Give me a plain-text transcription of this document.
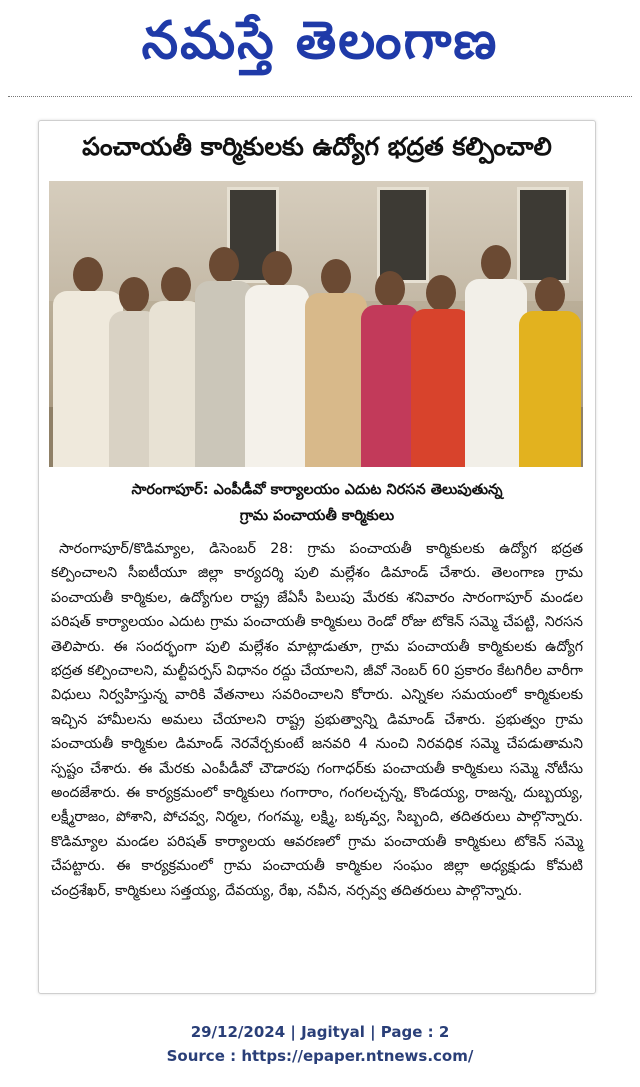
నమస్తే తెలంగాణ
పంచాయతీ కార్మికులకు ఉద్యోగ భద్రత కల్పించాలి
సారంగాపూర్: ఎంపీడీవో కార్యాలయం ఎదుట నిరసన తెలుపుతున్న
గ్రామ పంచాయతీ కార్మికులు

సారంగాపూర్/కొడిమ్యాల, డిసెంబర్ 28: గ్రామ పంచాయతీ కార్మికులకు ఉద్యోగ భద్రత కల్పించాలని సీఐటీయూ జిల్లా కార్యదర్శి పులి మల్లేశం డిమాండ్ చేశారు. తెలంగాణ గ్రామ పంచాయతీ కార్మికుల, ఉద్యోగుల రాష్ట్ర జేఏసీ పిలుపు మేరకు శనివారం సారంగాపూర్ మండల పరిషత్ కార్యాలయం ఎదుట గ్రామ పంచాయతీ కార్మికులు రెండో రోజు టోకెన్ సమ్మె చేపట్టి, నిరసన తెలిపారు. ఈ సందర్భంగా పులి మల్లేశం మాట్లాడుతూ, గ్రామ పంచాయతీ కార్మికులకు ఉద్యోగ భద్రత కల్పించాలని, మల్టీపర్పస్ విధానం రద్దు చేయాలని, జీవో నెంబర్ 60 ప్రకారం కేటగిరీల వారీగా విధులు నిర్వహిస్తున్న వారికి వేతనాలు సవరించాలని కోరారు. ఎన్నికల సమయంలో కార్మికులకు ఇచ్చిన హామీలను అమలు చేయాలని రాష్ట్ర ప్రభుత్వాన్ని డిమాండ్ చేశారు. ప్రభుత్వం గ్రామ పంచాయతీ కార్మికుల డిమాండ్ నెరవేర్చకుంటే జనవరి 4 నుంచి నిరవధిక సమ్మె చేపడుతామని స్పష్టం చేశారు. ఈ మేరకు ఎంపీడీవో చౌడారపు గంగాధర్‌కు పంచాయతీ కార్మికులు సమ్మె నోటీసు అందజేశారు. ఈ కార్యక్రమంలో కార్మికులు గంగారాం, గంగలచ్చన్న, కొండయ్య, రాజన్న, దుబ్బయ్య, లక్ష్మీరాజం, పోశాని, పోచవ్వ, నిర్మల, గంగమ్మ, లక్ష్మి, బక్కవ్వ, సిబ్బంది, తదితరులు పాల్గొన్నారు. కొడిమ్యాల మండల పరిషత్ కార్యాలయ ఆవరణలో గ్రామ పంచాయతీ కార్మికులు టోకెన్ సమ్మె చేపట్టారు. ఈ కార్యక్రమంలో గ్రామ పంచాయతీ కార్మికుల సంఘం జిల్లా అధ్యక్షుడు కోమటి చంద్రశేఖర్, కార్మికులు సత్తయ్య, దేవయ్య, రేఖ, నవీన, నర్సవ్వ తదితరులు పాల్గొన్నారు.

29/12/2024 | Jagityal | Page : 2
Source : https://epaper.ntnews.com/
